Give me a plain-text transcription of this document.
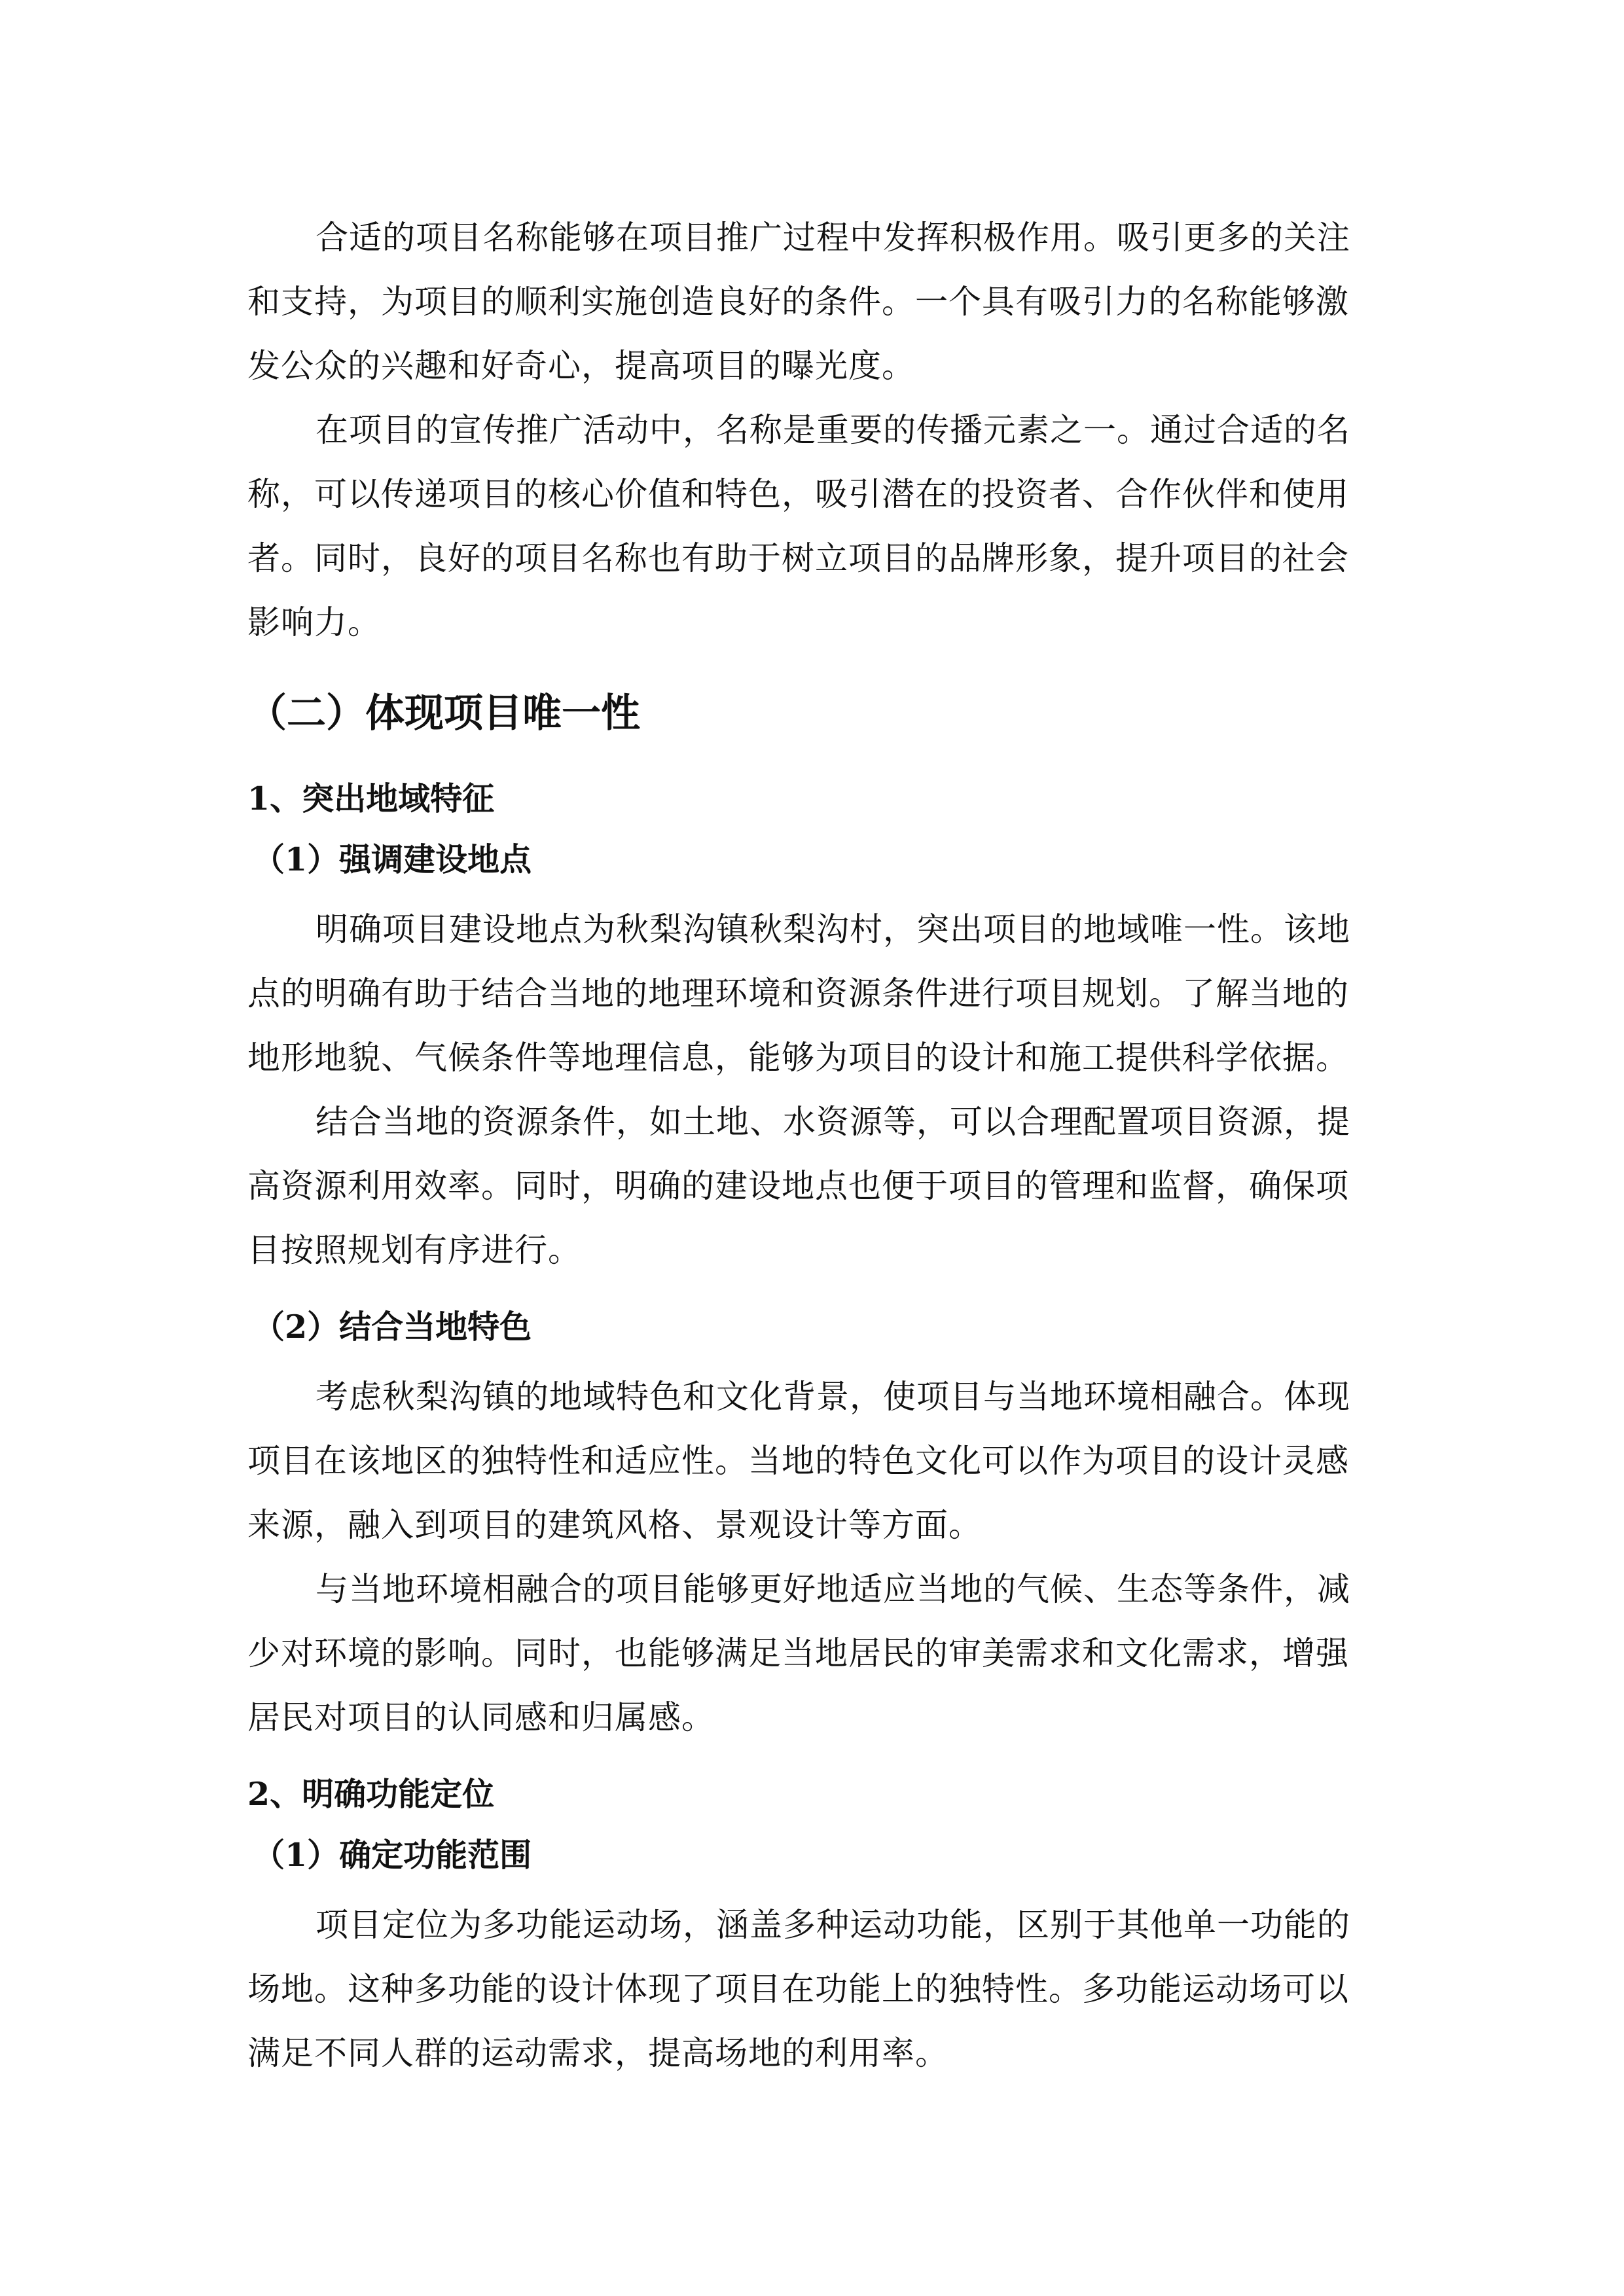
合适的项目名称能够在项目推广过程中发挥积极作用。吸引更多的关注和支持，为项目的顺利实施创造良好的条件。一个具有吸引力的名称能够激发公众的兴趣和好奇心，提高项目的曝光度。

在项目的宣传推广活动中，名称是重要的传播元素之一。通过合适的名称，可以传递项目的核心价值和特色，吸引潜在的投资者、合作伙伴和使用者。同时，良好的项目名称也有助于树立项目的品牌形象，提升项目的社会影响力。

（二）体现项目唯一性
1、突出地域特征
（1）强调建设地点

明确项目建设地点为秋梨沟镇秋梨沟村，突出项目的地域唯一性。该地点的明确有助于结合当地的地理环境和资源条件进行项目规划。了解当地的地形地貌、气候条件等地理信息，能够为项目的设计和施工提供科学依据。

结合当地的资源条件，如土地、水资源等，可以合理配置项目资源，提高资源利用效率。同时，明确的建设地点也便于项目的管理和监督，确保项目按照规划有序进行。

（2）结合当地特色

考虑秋梨沟镇的地域特色和文化背景，使项目与当地环境相融合。体现项目在该地区的独特性和适应性。当地的特色文化可以作为项目的设计灵感来源，融入到项目的建筑风格、景观设计等方面。

与当地环境相融合的项目能够更好地适应当地的气候、生态等条件，减少对环境的影响。同时，也能够满足当地居民的审美需求和文化需求，增强居民对项目的认同感和归属感。

2、明确功能定位
（1）确定功能范围

项目定位为多功能运动场，涵盖多种运动功能，区别于其他单一功能的场地。这种多功能的设计体现了项目在功能上的独特性。多功能运动场可以满足不同人群的运动需求，提高场地的利用率。
